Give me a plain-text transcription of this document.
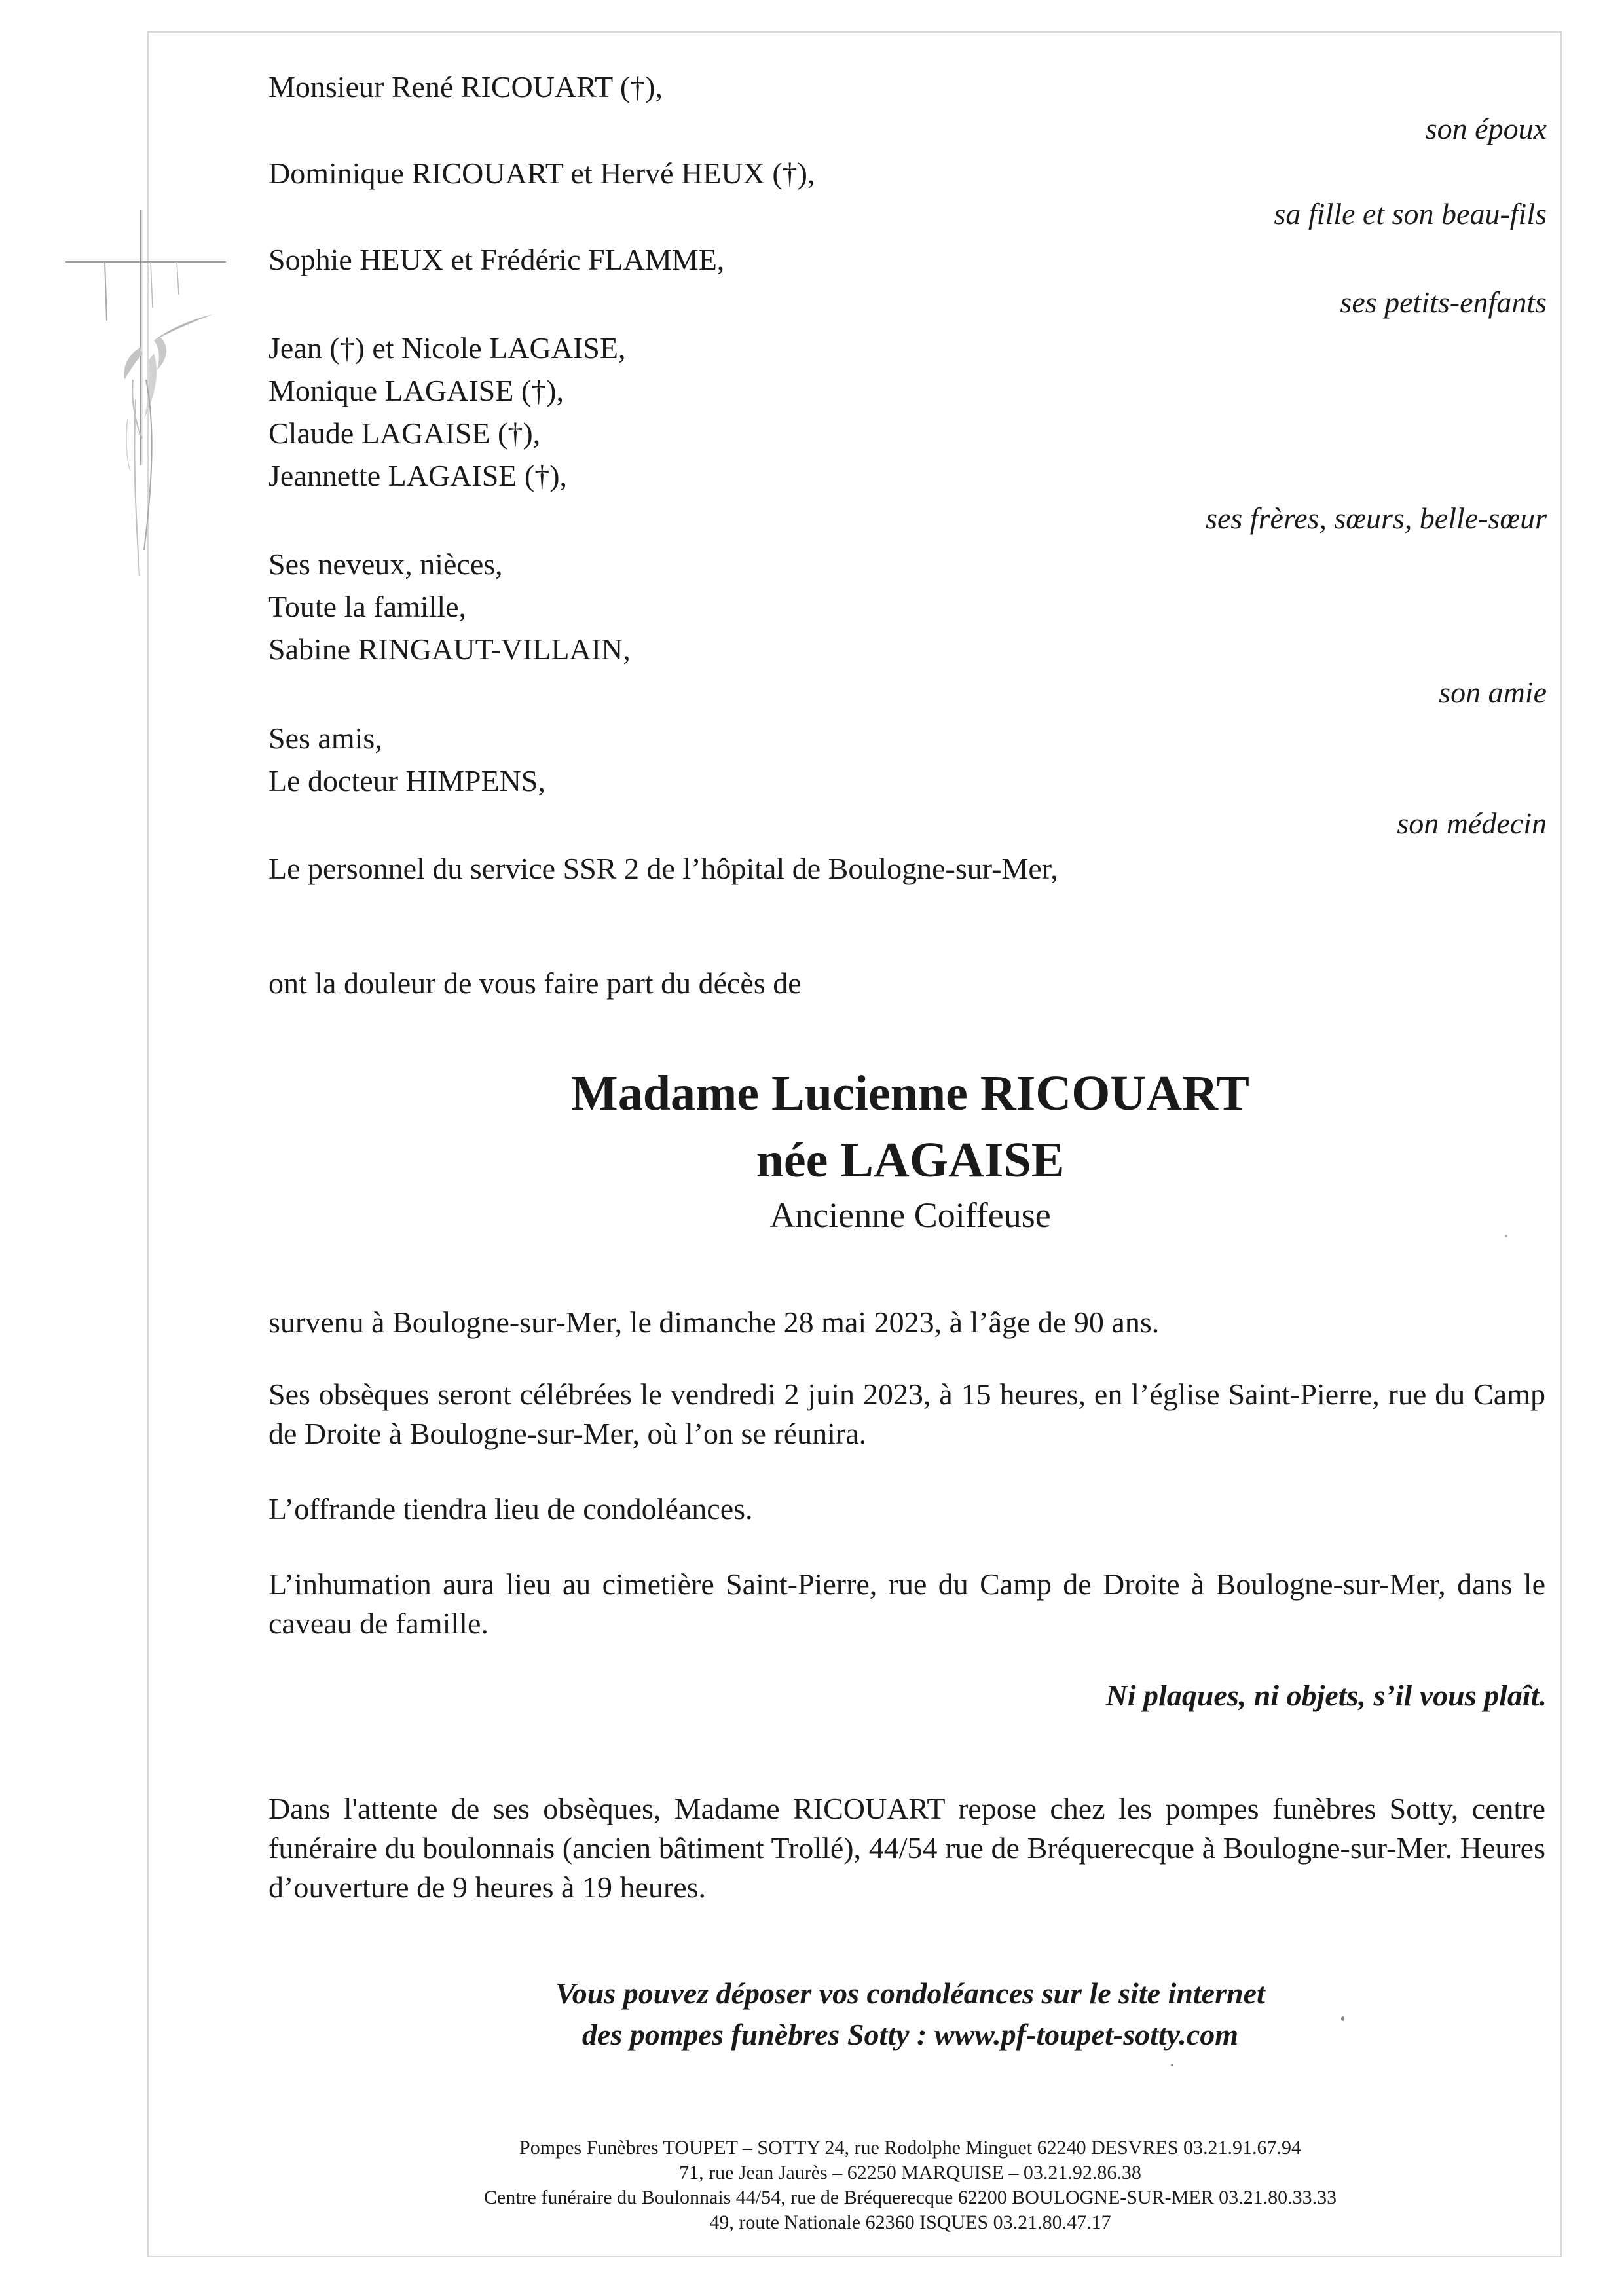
Monsieur René RICOUART (†),
son époux
Dominique RICOUART et Hervé HEUX (†),
sa fille et son beau-fils
Sophie HEUX et Frédéric FLAMME,
ses petits-enfants
Jean (†) et Nicole LAGAISE,
Monique LAGAISE (†),
Claude LAGAISE (†),
Jeannette LAGAISE (†),
ses frères, sœurs, belle-sœur
Ses neveux, nièces,
Toute la famille,
Sabine RINGAUT-VILLAIN,
son amie
Ses amis,
Le docteur HIMPENS,
son médecin
Le personnel du service SSR 2 de l’hôpital de Boulogne-sur-Mer,
ont la douleur de vous faire part du décès de
Madame Lucienne RICOUART
née LAGAISE
Ancienne Coiffeuse
survenu à Boulogne-sur-Mer, le dimanche 28 mai 2023, à l’âge de 90 ans.
Ses obsèques seront célébrées le vendredi 2 juin 2023, à 15 heures, en l’église Saint-Pierre, rue du Camp de Droite à Boulogne-sur-Mer, où l’on se réunira.
L’offrande tiendra lieu de condoléances.
L’inhumation aura lieu au cimetière Saint-Pierre, rue du Camp de Droite à Boulogne-sur-Mer, dans le caveau de famille.
Ni plaques, ni objets, s’il vous plaît.
Dans l'attente de ses obsèques, Madame RICOUART repose chez les pompes funèbres Sotty, centre funéraire du boulonnais (ancien bâtiment Trollé), 44/54 rue de Bréquerecque à Boulogne-sur-Mer. Heures d’ouverture de 9 heures à 19 heures.
Vous pouvez déposer vos condoléances sur le site internet
des pompes funèbres Sotty : www.pf-toupet-sotty.com
Pompes Funèbres TOUPET – SOTTY 24, rue Rodolphe Minguet 62240 DESVRES 03.21.91.67.94
71, rue Jean Jaurès – 62250 MARQUISE – 03.21.92.86.38
Centre funéraire du Boulonnais 44/54, rue de Bréquerecque 62200 BOULOGNE-SUR-MER 03.21.80.33.33
49, route Nationale 62360 ISQUES 03.21.80.47.17
